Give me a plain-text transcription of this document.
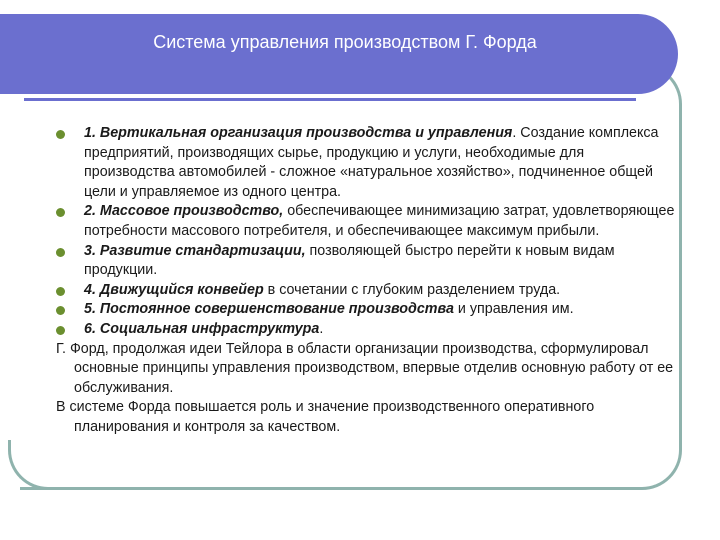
Система управления производством Г. Форда
1. Вертикальная организация производства и управления. Создание комплекса предприятий, производящих сырье, продукцию и услуги, необходимые для производства автомобилей - сложное «натуральное хозяйство», подчиненное общей цели и управляемое из одного центра.
2. Массовое производство, обеспечивающее минимизацию затрат, удовлетворяющее потребности массового потребителя, и обеспечивающее максимум прибыли.
3. Развитие стандартизации, позволяющей быстро перейти к новым видам продукции.
4. Движущийся конвейер в сочетании с глубоким разделением труда.
5. Постоянное совершенствование производства и управления им.
6. Социальная инфраструктура.
Г. Форд, продолжая идеи Тейлора в области организации производства, сформулировал основные принципы управления производством, впервые отделив основную работу от ее обслуживания.
В системе Форда повышается роль и значение производственного оперативного планирования и контроля за качеством.
